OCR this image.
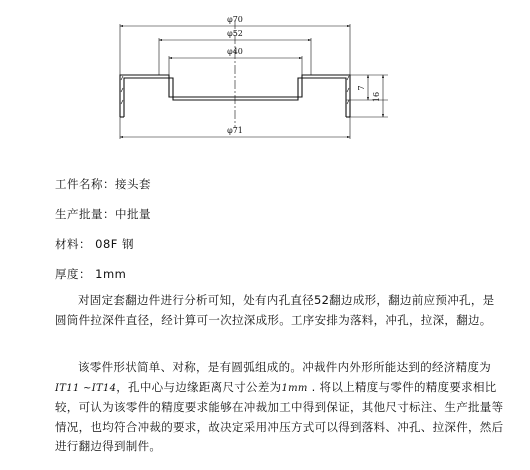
φ70
φ52
φ40
φ71
7
16
工件名称：接头套
生产批量：中批量
材料： 08F 钢
厚度： 1mm

对固定套翻边件进行分析可知，处有内孔直径52翻边成形，翻边前应预冲孔，是圆筒件拉深件直径，经计算可一次拉深成形。工序安排为落料，冲孔，拉深，翻边。

该零件形状简单、对称，是有圆弧组成的。冲裁件内外形所能达到的经济精度为IT11 ~IT14，孔中心与边缘距离尺寸公差为1mm . 将以上精度与零件的精度要求相比较，可认为该零件的精度要求能够在冲裁加工中得到保证，其他尺寸标注、生产批量等情况，也均符合冲裁的要求，故决定采用冲压方式可以得到落料、冲孔、拉深件，然后进行翻边得到制件。
